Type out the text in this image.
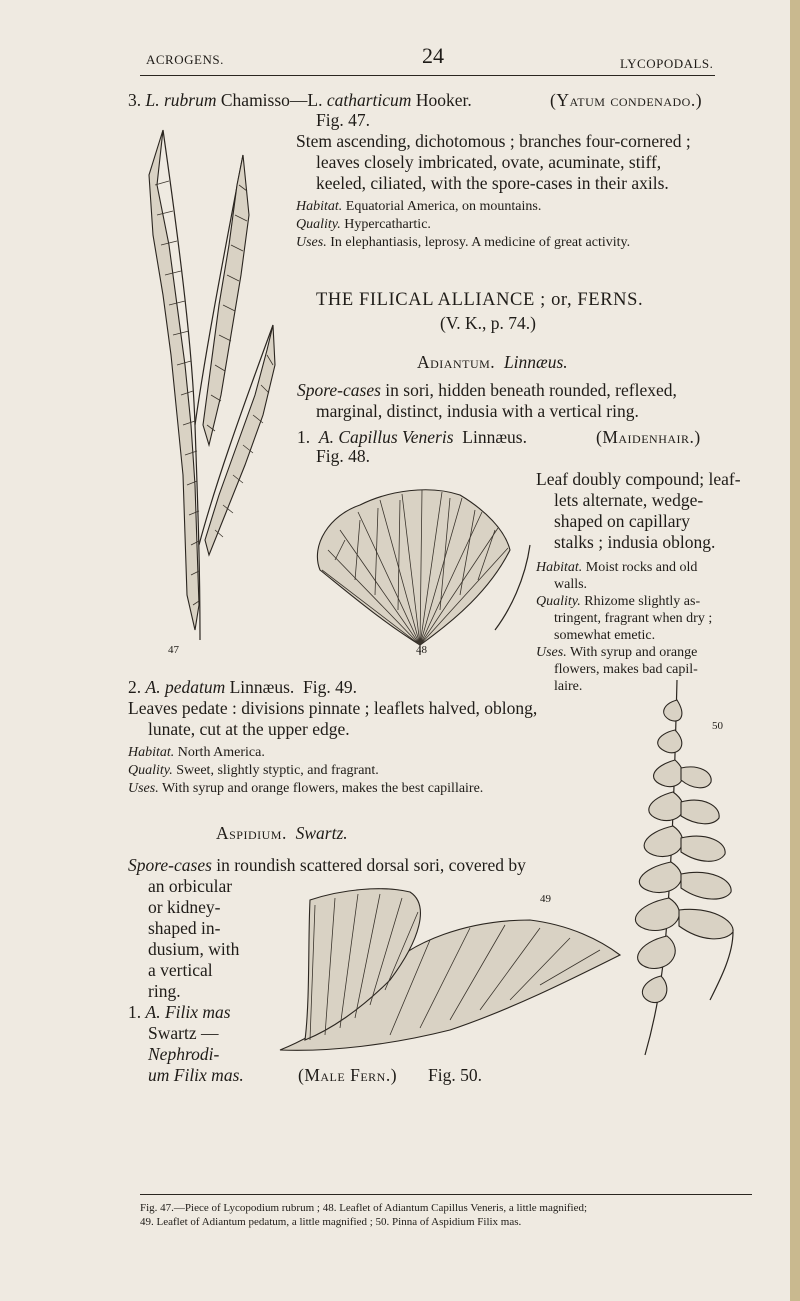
ACROGENS.	24	LYCOPODALS.
47
3. L. rubrum Chamisso—L. catharticum Hooker.	(Yatum condenado.)
Fig. 47.
Stem ascending, dichotomous ; branches four-cornered ;
leaves closely imbricated, ovate, acuminate, stiff,
keeled, ciliated, with the spore-cases in their axils.
Habitat. Equatorial America, on mountains.
Quality. Hypercathartic.
Uses. In elephantiasis, leprosy. A medicine of great activity.
THE FILICAL ALLIANCE ; or, FERNS.
(V. K., p. 74.)
Adiantum. Linnæus.
Spore-cases in sori, hidden beneath rounded, reflexed,
marginal, distinct, indusia with a vertical ring.
1. A. Capillus Veneris Linnæus.	(Maidenhair.)
Fig. 48.
Leaf doubly compound; leaf-
lets alternate, wedge-
shaped on capillary
stalks ; indusia oblong.
Habitat. Moist rocks and old
walls.
Quality. Rhizome slightly as-
tringent, fragrant when dry ;
somewhat emetic.
Uses. With syrup and orange
flowers, makes bad capil-
laire.
48
2. A. pedatum Linnæus. Fig. 49.
Leaves pedate : divisions pinnate ; leaflets halved, oblong,
lunate, cut at the upper edge.
Habitat. North America.
Quality. Sweet, slightly styptic, and fragrant.
Uses. With syrup and orange flowers, makes the best capillaire.
Aspidium. Swartz.
Spore-cases in roundish scattered dorsal sori, covered by
an orbicular
or kidney-
shaped in-
dusium, with
a vertical
ring.
1. A. Filix mas
Swartz —
Nephrodi-
um Filix mas.	(Male Fern.) Fig. 50.
49
50
Fig. 47.—Piece of Lycopodium rubrum ; 48. Leaflet of Adiantum Capillus Veneris, a little magnified;
49. Leaflet of Adiantum pedatum, a little magnified ; 50. Pinna of Aspidium Filix mas.
